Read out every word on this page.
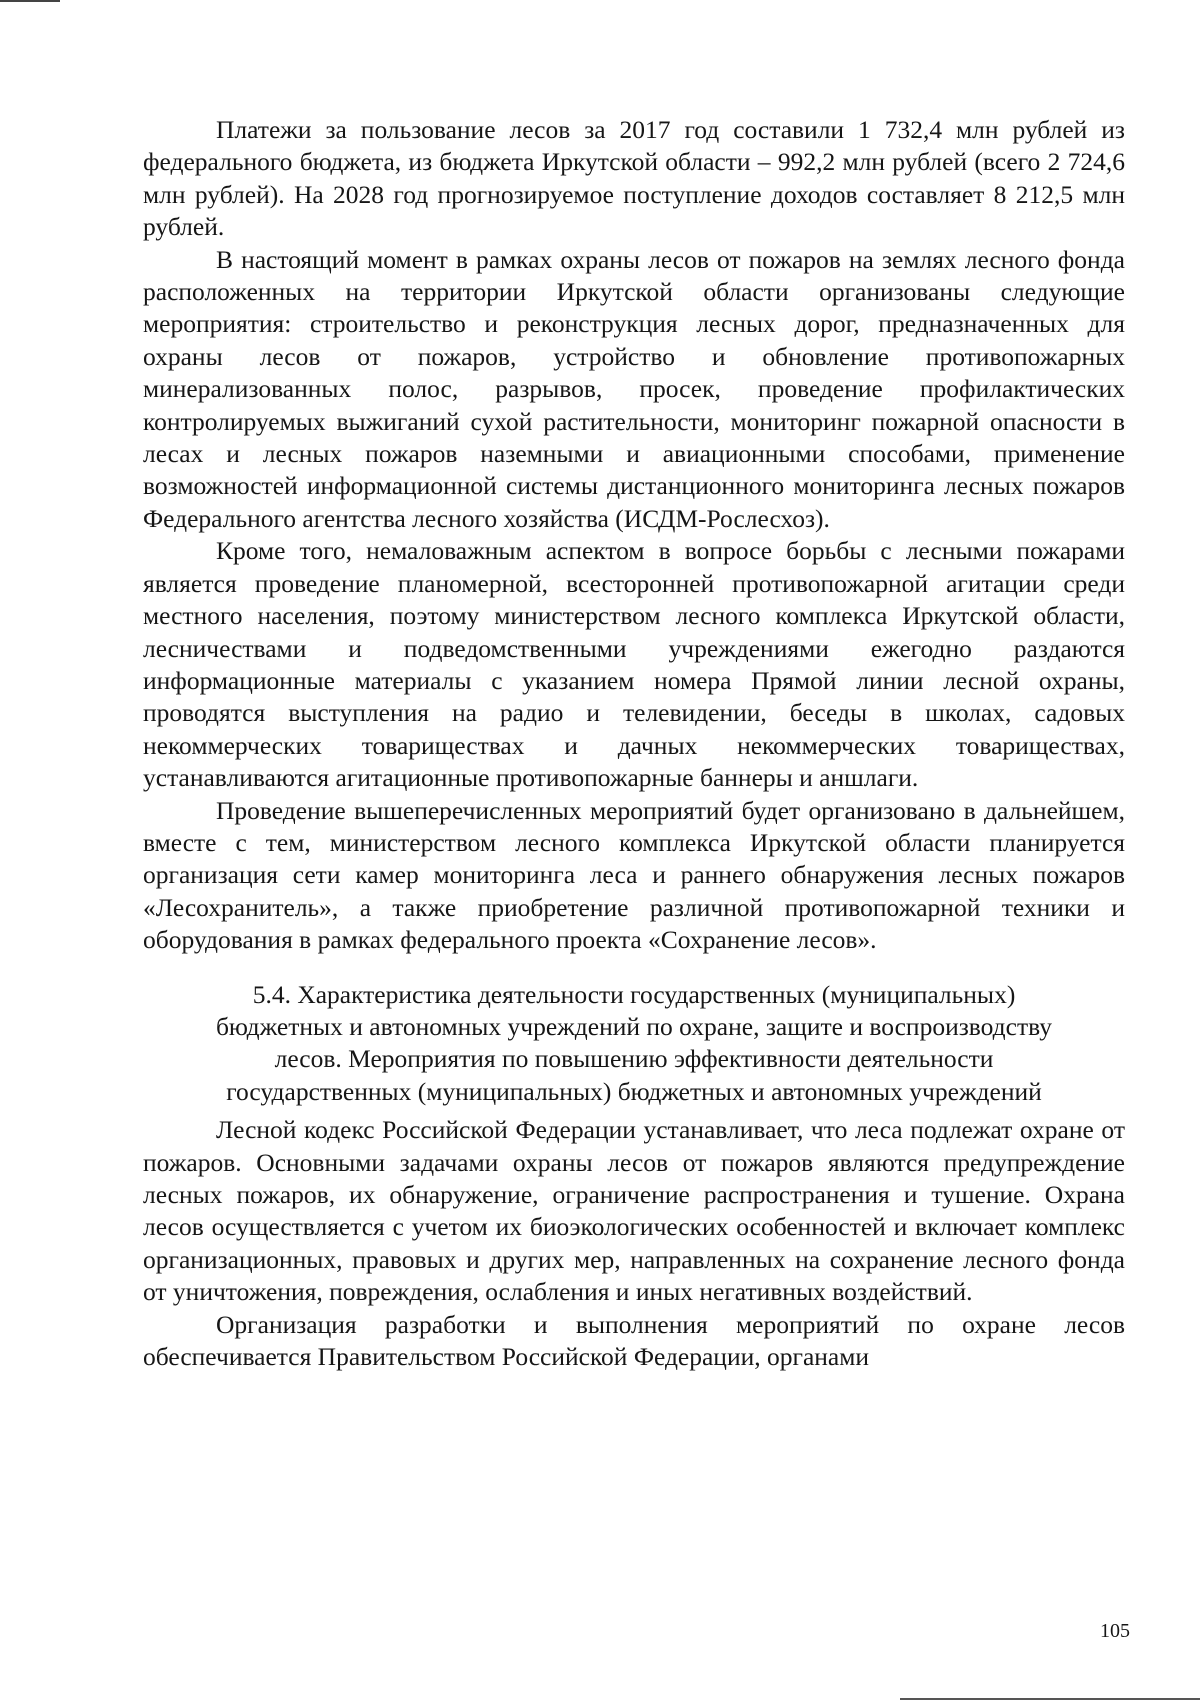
Платежи за пользование лесов за 2017 год составили 1 732,4 млн рублей из федерального бюджета, из бюджета Иркутской области – 992,2 млн рублей (всего 2 724,6 млн рублей). На 2028 год прогнозируемое поступление доходов составляет 8 212,5 млн рублей.

В настоящий момент в рамках охраны лесов от пожаров на землях лесного фонда расположенных на территории Иркутской области организованы следующие мероприятия: строительство и реконструкция лесных дорог, предназначенных для охраны лесов от пожаров, устройство и обновление противопожарных минерализованных полос, разрывов, просек, проведение профилактических контролируемых выжиганий сухой растительности, мониторинг пожарной опасности в лесах и лесных пожаров наземными и авиационными способами, применение возможностей информационной системы дистанционного мониторинга лесных пожаров Федерального агентства лесного хозяйства (ИСДМ-Рослесхоз).

Кроме того, немаловажным аспектом в вопросе борьбы с лесными пожарами является проведение планомерной, всесторонней противопожарной агитации среди местного населения, поэтому министерством лесного комплекса Иркутской области, лесничествами и подведомственными учреждениями ежегодно раздаются информационные материалы с указанием номера Прямой линии лесной охраны, проводятся выступления на радио и телевидении, беседы в школах, садовых некоммерческих товариществах и дачных некоммерческих товариществах, устанавливаются агитационные противопожарные баннеры и аншлаги.

Проведение вышеперечисленных мероприятий будет организовано в дальнейшем, вместе с тем, министерством лесного комплекса Иркутской области планируется организация сети камер мониторинга леса и раннего обнаружения лесных пожаров «Лесохранитель», а также приобретение различной противопожарной техники и оборудования в рамках федерального проекта «Сохранение лесов».

5.4. Характеристика деятельности государственных (муниципальных)
бюджетных и автономных учреждений по охране, защите и воспроизводству
лесов. Мероприятия по повышению эффективности деятельности
государственных (муниципальных) бюджетных и автономных учреждений

Лесной кодекс Российской Федерации устанавливает, что леса подлежат охране от пожаров. Основными задачами охраны лесов от пожаров являются предупреждение лесных пожаров, их обнаружение, ограничение распространения и тушение. Охрана лесов осуществляется с учетом их биоэкологических особенностей и включает комплекс организационных, правовых и других мер, направленных на сохранение лесного фонда от уничтожения, повреждения, ослабления и иных негативных воздействий.

Организация разработки и выполнения мероприятий по охране лесов обеспечивается Правительством Российской Федерации, органами

105
